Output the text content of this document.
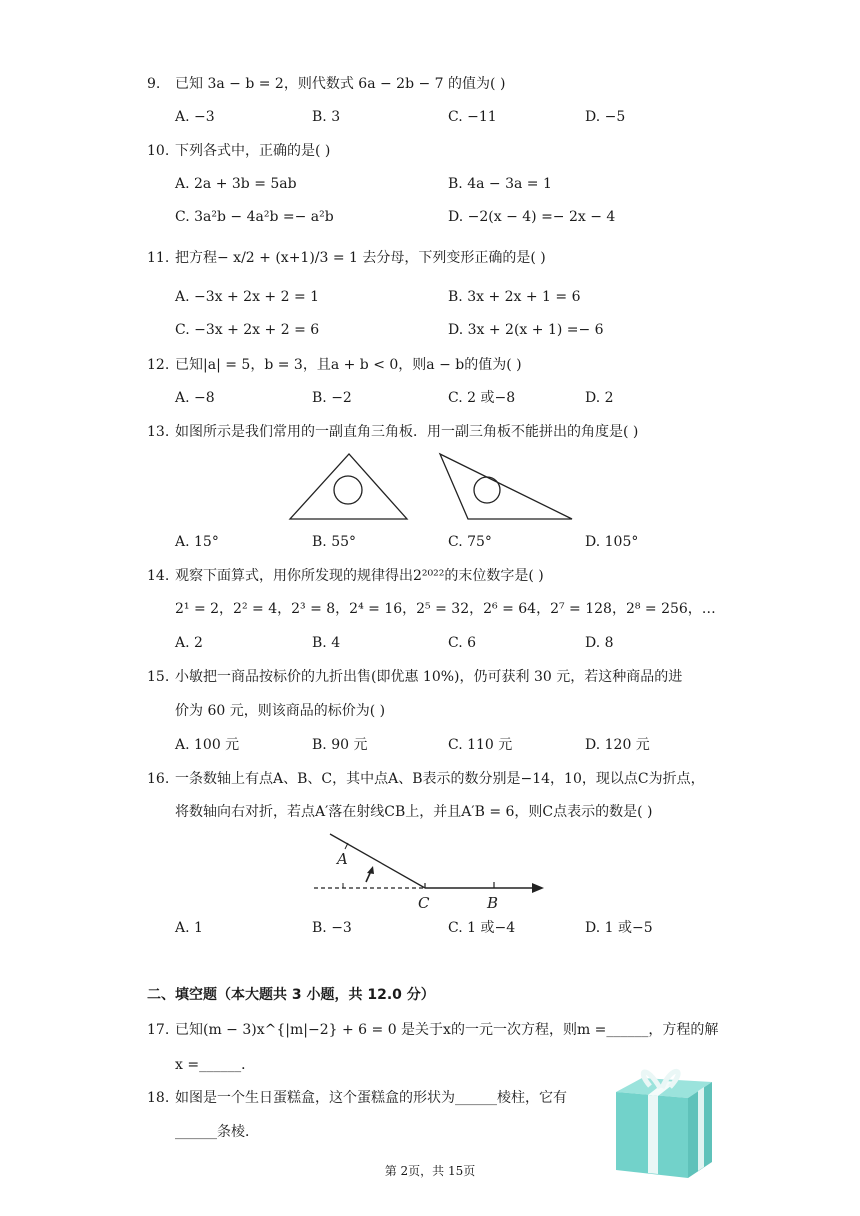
9. 已知 3a − b = 2，则代数式 6a − 2b − 7 的值为( )
A. −3	B. 3	C. −11	D. −5
10. 下列各式中，正确的是( )
A. 2a + 3b = 5ab	B. 4a − 3a = 1
C. 3a²b − 4a²b =− a²b	D. −2(x − 4) =− 2x − 4
11. 把方程− x/2 + (x+1)/3 = 1 去分母，下列变形正确的是( )
A. −3x + 2x + 2 = 1	B. 3x + 2x + 1 = 6
C. −3x + 2x + 2 = 6	D. 3x + 2(x + 1) =− 6
12. 已知|a| = 5，b = 3，且a + b < 0，则a − b的值为( )
A. −8	B. −2	C. 2 或−8	D. 2
13. 如图所示是我们常用的一副直角三角板．用一副三角板不能拼出的角度是( )
A. 15°	B. 55°	C. 75°	D. 105°
14. 观察下面算式，用你所发现的规律得出2²⁰²²的末位数字是( )
2¹ = 2，2² = 4，2³ = 8，2⁴ = 16，2⁵ = 32，2⁶ = 64，2⁷ = 128，2⁸ = 256，…
A. 2	B. 4	C. 6	D. 8
15. 小敏把一商品按标价的九折出售(即优惠 10%)，仍可获利 30 元，若这种商品的进
价为 60 元，则该商品的标价为( )
A. 100 元	B. 90 元	C. 110 元	D. 120 元
16. 一条数轴上有点A、B、C，其中点A、B表示的数分别是−14，10，现以点C为折点，
将数轴向右对折，若点A′落在射线CB上，并且A′B = 6，则C点表示的数是( )
A
C	B
A. 1	B. −3	C. 1 或−4	D. 1 或−5
二、填空题（本大题共 3 小题，共 12.0 分）
17. 已知(m − 3)x^{|m|−2} + 6 = 0 是关于x的一元一次方程，则m =______，方程的解
x =______．
18. 如图是一个生日蛋糕盒，这个蛋糕盒的形状为______棱柱，它有
______条棱．
第 2页，共 15页
